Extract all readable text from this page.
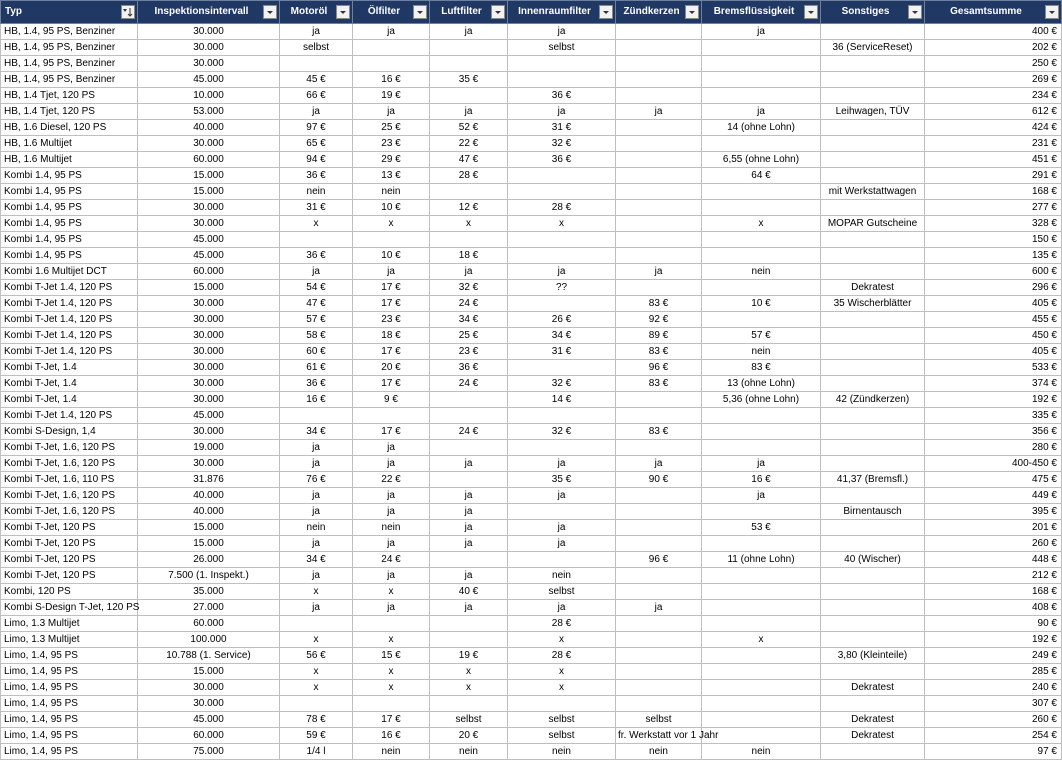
Typ	Inspektionsintervall	Motoröl	Ölfilter	Luftfilter	Innenraumfilter	Zündkerzen	Bremsflüssigkeit	Sonstiges	Gesamtsumme

HB, 1.4, 95 PS, Benziner	30.000	ja	ja	ja	ja		ja		400 €
HB, 1.4, 95 PS, Benziner	30.000	selbst			selbst			36 (ServiceReset)	202 €
HB, 1.4, 95 PS, Benziner	30.000								250 €
HB, 1.4, 95 PS, Benziner	45.000	45 €	16 €	35 €					269 €
HB, 1.4 Tjet, 120 PS	10.000	66 €	19 €		36 €				234 €
HB, 1.4 Tjet, 120 PS	53.000	ja	ja	ja	ja	ja	ja	Leihwagen, TÜV	612 €
HB, 1.6 Diesel, 120 PS	40.000	97 €	25 €	52 €	31 €		14 (ohne Lohn)		424 €
HB, 1.6 Multijet	30.000	65 €	23 €	22 €	32 €				231 €
HB, 1.6 Multijet	60.000	94 €	29 €	47 €	36 €		6,55 (ohne Lohn)		451 €
Kombi 1.4, 95 PS	15.000	36 €	13 €	28 €			64 €		291 €
Kombi 1.4, 95 PS	15.000	nein	nein					mit Werkstattwagen	168 €
Kombi 1.4, 95 PS	30.000	31 €	10 €	12 €	28 €				277 €
Kombi 1.4, 95 PS	30.000	x	x	x	x		x	MOPAR Gutscheine	328 €
Kombi 1.4, 95 PS	45.000								150 €
Kombi 1.4, 95 PS	45.000	36 €	10 €	18 €					135 €
Kombi 1.6 Multijet DCT	60.000	ja	ja	ja	ja	ja	nein		600 €
Kombi T-Jet 1.4, 120 PS	15.000	54 €	17 €	32 €	??			Dekratest	296 €
Kombi T-Jet 1.4, 120 PS	30.000	47 €	17 €	24 €		83 €	10 €	35 Wischerblätter	405 €
Kombi T-Jet 1.4, 120 PS	30.000	57 €	23 €	34 €	26 €	92 €			455 €
Kombi T-Jet 1.4, 120 PS	30.000	58 €	18 €	25 €	34 €	89 €	57 €		450 €
Kombi T-Jet 1.4, 120 PS	30.000	60 €	17 €	23 €	31 €	83 €	nein		405 €
Kombi T-Jet, 1.4	30.000	61 €	20 €	36 €		96 €	83 €		533 €
Kombi T-Jet, 1.4	30.000	36 €	17 €	24 €	32 €	83 €	13 (ohne Lohn)		374 €
Kombi T-Jet, 1.4	30.000	16 €	9 €		14 €		5,36 (ohne Lohn)	42 (Zündkerzen)	192 €
Kombi T-Jet 1.4, 120 PS	45.000								335 €
Kombi S-Design, 1,4	30.000	34 €	17 €	24 €	32 €	83 €			356 €
Kombi T-Jet, 1.6, 120 PS	19.000	ja	ja						280 €
Kombi T-Jet, 1.6, 120 PS	30.000	ja	ja	ja	ja	ja	ja		400-450 €
Kombi T-Jet, 1.6, 110 PS	31.876	76 €	22 €		35 €	90 €	16 €	41,37 (Bremsfl.)	475 €
Kombi T-Jet, 1.6, 120 PS	40.000	ja	ja	ja	ja		ja		449 €
Kombi T-Jet, 1.6, 120 PS	40.000	ja	ja	ja				Birnentausch	395 €
Kombi T-Jet, 120 PS	15.000	nein	nein	ja	ja		53 €		201 €
Kombi T-Jet, 120 PS	15.000	ja	ja	ja	ja				260 €
Kombi T-Jet, 120 PS	26.000	34 €	24 €			96 €	11 (ohne Lohn)	40 (Wischer)	448 €
Kombi T-Jet, 120 PS	7.500 (1. Inspekt.)	ja	ja	ja	nein				212 €
Kombi, 120 PS	35.000	x	x	40 €	selbst				168 €
Kombi S-Design T-Jet, 120 PS	27.000	ja	ja	ja	ja	ja			408 €
Limo, 1.3 Multijet	60.000				28 €				90 €
Limo, 1.3 Multijet	100.000	x	x		x		x		192 €
Limo, 1.4, 95 PS	10.788 (1. Service)	56 €	15 €	19 €	28 €			3,80 (Kleinteile)	249 €
Limo, 1.4, 95 PS	15.000	x	x	x	x				285 €
Limo, 1.4, 95 PS	30.000	x	x	x	x			Dekratest	240 €
Limo, 1.4, 95 PS	30.000								307 €
Limo, 1.4, 95 PS	45.000	78 €	17 €	selbst	selbst	selbst		Dekratest	260 €
Limo, 1.4, 95 PS	60.000	59 €	16 €	20 €	selbst	fr. Werkstatt vor 1 Jahr		Dekratest	254 €
Limo, 1.4, 95 PS	75.000	1/4 l	nein	nein	nein	nein	nein		97 €
